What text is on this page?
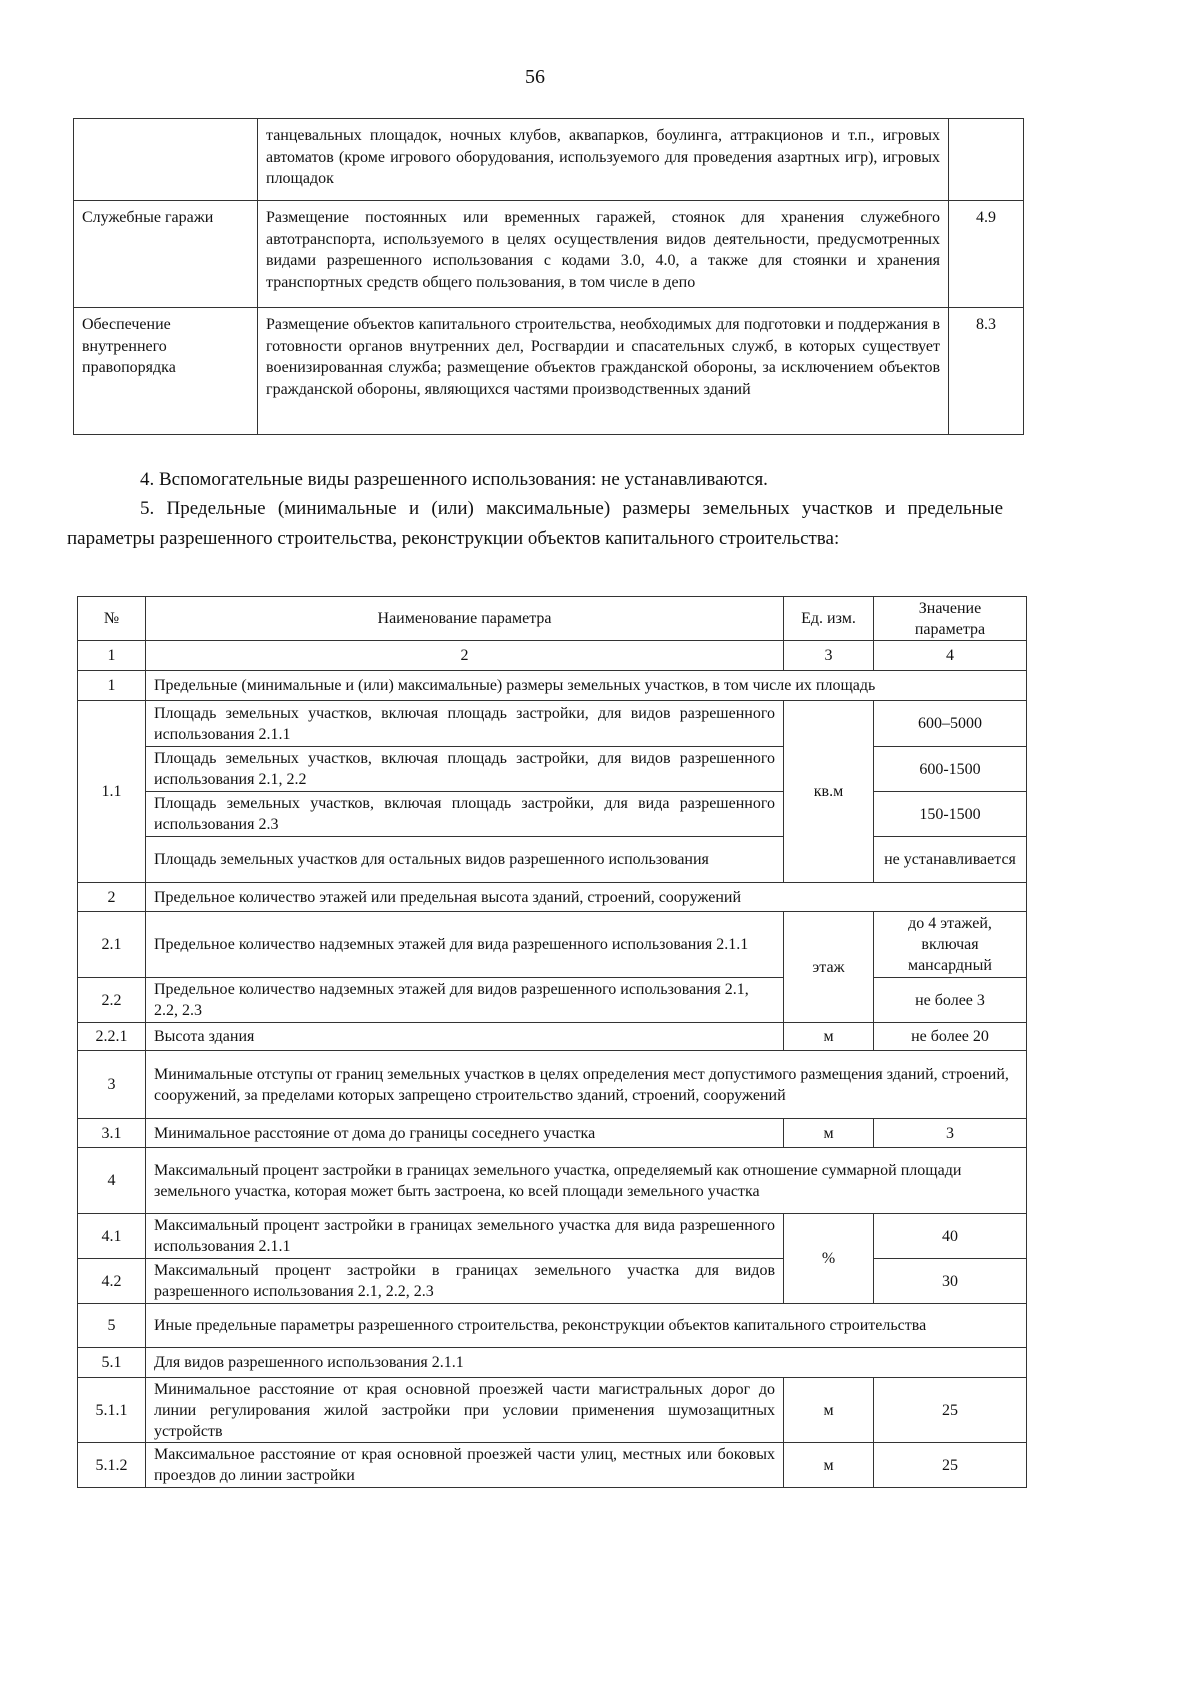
56
	танцевальных площадок, ночных клубов, аквапарков, боулинга, аттракционов и т.п., игровых автоматов (кроме игрового оборудования, используемого для проведения азартных игр), игровых площадок	
Служебные гаражи	Размещение постоянных или временных гаражей, стоянок для хранения служебного автотранспорта, используемого в целях осуществления видов деятельности, предусмотренных видами разрешенного использования с кодами 3.0, 4.0, а также для стоянки и хранения транспортных средств общего пользования, в том числе в депо	4.9
Обеспечение внутреннего правопорядка	Размещение объектов капитального строительства, необходимых для подготовки и поддержания в готовности органов внутренних дел, Росгвардии и спасательных служб, в которых существует военизированная служба; размещение объектов гражданской обороны, за исключением объектов гражданской обороны, являющихся частями производственных зданий	8.3
4. Вспомогательные виды разрешенного использования: не устанавливаются.
5. Предельные (минимальные и (или) максимальные) размеры земельных участков и предельные параметры разрешенного строительства, реконструкции объектов капитального строительства:
№	Наименование параметра	Ед. изм.	Значение параметра
1	2	3	4
1	Предельные (минимальные и (или) максимальные) размеры земельных участков, в том числе их площадь		
1.1	Площадь земельных участков, включая площадь застройки, для видов разрешенного использования 2.1.1	кв.м	600–5000
	Площадь земельных участков, включая площадь застройки, для видов разрешенного использования 2.1, 2.2		600-1500
	Площадь земельных участков, включая площадь застройки, для вида разрешенного использования 2.3		150-1500
	Площадь земельных участков для остальных видов разрешенного использования		не устанавливается
2	Предельное количество этажей или предельная высота зданий, строений, сооружений		
2.1	Предельное количество надземных этажей для вида разрешенного использования 2.1.1	этаж	до 4 этажей, включая мансардный
2.2	Предельное количество надземных этажей для видов разрешенного использования 2.1, 2.2, 2.3		не более 3
2.2.1	Высота здания	м	не более 20
3	Минимальные отступы от границ земельных участков в целях определения мест допустимого размещения зданий, строений, сооружений, за пределами которых запрещено строительство зданий, строений, сооружений		
3.1	Минимальное расстояние от дома до границы соседнего участка	м	3
4	Максимальный процент застройки в границах земельного участка, определяемый как отношение суммарной площади земельного участка, которая может быть застроена, ко всей площади земельного участка		
4.1	Максимальный процент застройки в границах земельного участка для вида разрешенного использования 2.1.1	%	40
4.2	Максимальный процент застройки в границах земельного участка для видов разрешенного использования 2.1, 2.2, 2.3		30
5	Иные предельные параметры разрешенного строительства, реконструкции объектов капитального строительства		
5.1	Для видов разрешенного использования 2.1.1		
5.1.1	Минимальное расстояние от края основной проезжей части магистральных дорог до линии регулирования жилой застройки при условии применения шумозащитных устройств	м	25
5.1.2	Максимальное расстояние от края основной проезжей части улиц, местных или боковых проездов до линии застройки	м	25
